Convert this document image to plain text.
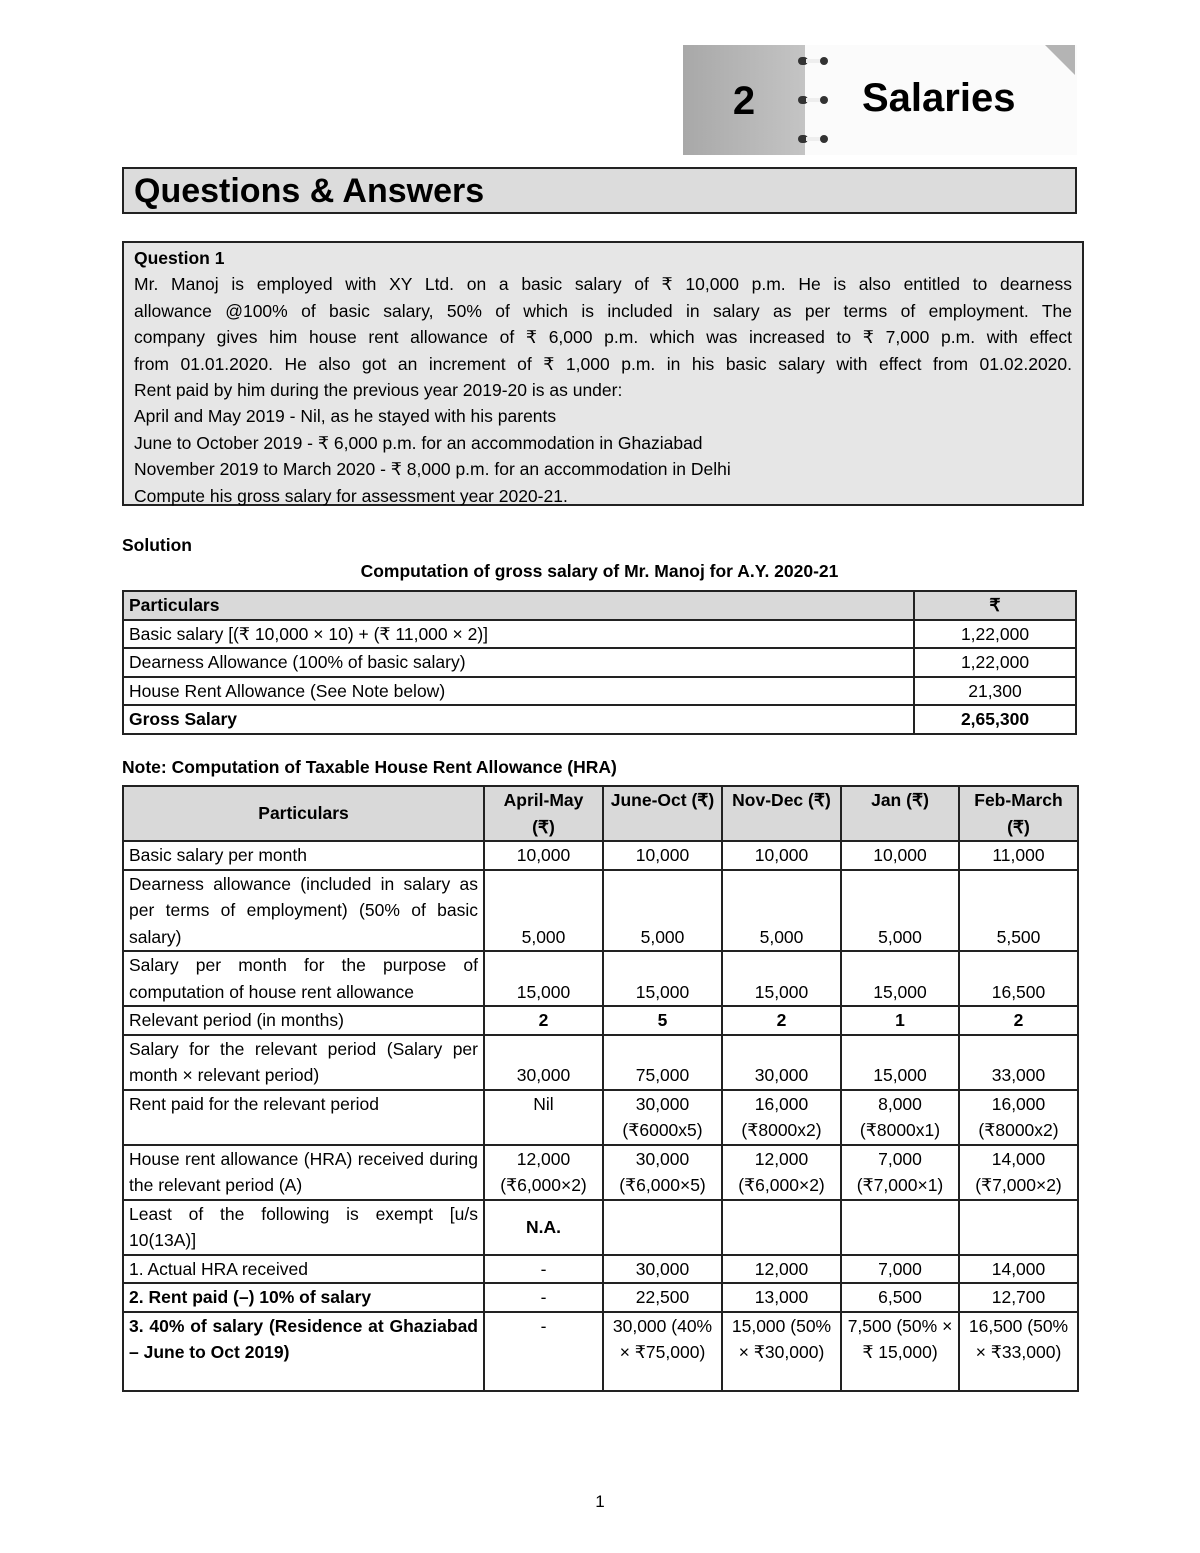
2	Salaries
Questions & Answers

Question 1

Mr. Manoj is employed with XY Ltd. on a basic salary of ₹ 10,000 p.m. He is also entitled to dearness

allowance @100% of basic salary, 50% of which is included in salary as per terms of employment. The

company gives him house rent allowance of ₹ 6,000 p.m. which was increased to ₹ 7,000 p.m. with effect

from 01.01.2020. He also got an increment of ₹ 1,000 p.m. in his basic salary with effect from 01.02.2020.

Rent paid by him during the previous year 2019-20 is as under:

April and May 2019 - Nil, as he stayed with his parents

June to October 2019 - ₹ 6,000 p.m. for an accommodation in Ghaziabad

November 2019 to March 2020 - ₹ 8,000 p.m. for an accommodation in Delhi

Compute his gross salary for assessment year 2020-21.

Solution
Computation of gross salary of Mr. Manoj for A.Y. 2020-21
Particulars	₹
Basic salary [(₹ 10,000 × 10) + (₹ 11,000 × 2)]	1,22,000
Dearness Allowance (100% of basic salary)	1,22,000
House Rent Allowance (See Note below)	21,300
Gross Salary	2,65,300
Note: Computation of Taxable House Rent Allowance (HRA)
Particulars	April-May (₹)	June-Oct (₹)	Nov-Dec (₹)	Jan (₹)	Feb-March (₹)
Basic salary per month	10,000	10,000	10,000	10,000	11,000
Dearness allowance (included in salary as per terms of employment) (50% of basic salary)	5,000	5,000	5,000	5,000	5,500
Salary per month for the purpose of computation of house rent allowance	15,000	15,000	15,000	15,000	16,500
Relevant period (in months)	2	5	2	1	2
Salary for the relevant period (Salary per month × relevant period)	30,000	75,000	30,000	15,000	33,000
Rent paid for the relevant period	Nil	30,000 (₹6000x5)	16,000 (₹8000x2)	8,000 (₹8000x1)	16,000 (₹8000x2)
House rent allowance (HRA) received during the relevant period (A)	12,000 (₹6,000×2)	30,000 (₹6,000×5)	12,000 (₹6,000×2)	7,000 (₹7,000×1)	14,000 (₹7,000×2)
Least of the following is exempt [u/s 10(13A)]	N.A.				
1. Actual HRA received	-	30,000	12,000	7,000	14,000
2. Rent paid (–) 10% of salary	-	22,500	13,000	6,500	12,700
3. 40% of salary (Residence at Ghaziabad – June to Oct 2019)	-	30,000 (40% × ₹75,000)	15,000 (50% × ₹30,000)	7,500 (50% × ₹ 15,000)	16,500 (50% × ₹33,000)
1
